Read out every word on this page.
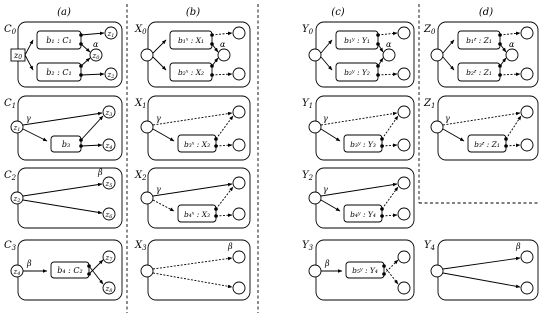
(a)	(b)	(c)	(d)
$C_0$
z0
b₁ : C₁
b₂ : C₁
z1
z0
z2
α
$C_1$
z1
b₃
z3
z4
γ
$C_2$
z2
z5
z6
β
$C_3$
z4	b₄ : C₂
z7
z8
β
$X_0$
b₁ˣ : X₁
b₂ˣ : X₂
α
$X_1$
b₃ˣ : X₃
γ
$X_2$
b₄ˣ : X₃
γ
$X_3$	β
$Y_0$
b₁ʸ : Y₁
b₂ʸ : Y₂
α
$Y_1$
b₃ʸ : Y₃
γ
$Y_2$
b₄ʸ : Y₄
γ
$Y_3$
b₅ʸ : Y₄
β
$Z_0$
b₁ᶻ : Z₁
b₂ᶻ : Z₁
α
$Z_1$
b₃ᶻ : Z₁
γ
$Y_4$	β
